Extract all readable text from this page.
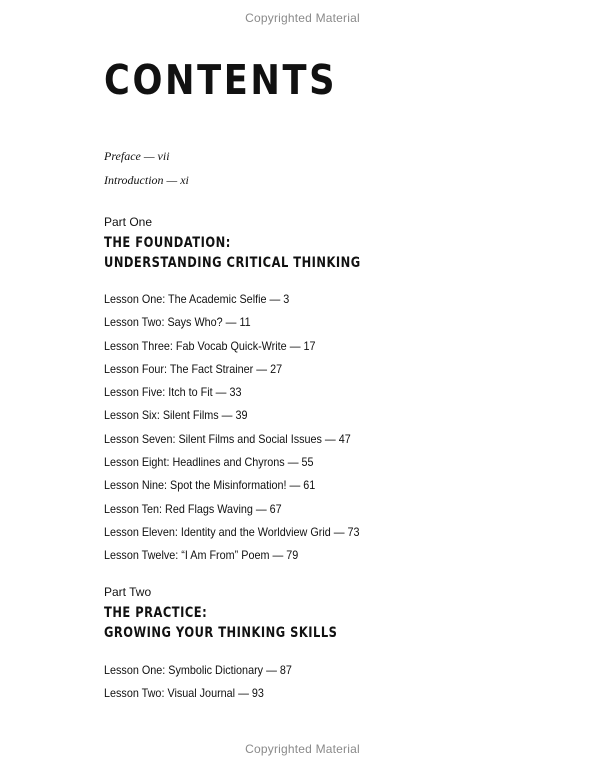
Copyrighted Material
CONTENTS
Preface — vii
Introduction — xi
Part One
THE FOUNDATION:
UNDERSTANDING CRITICAL THINKING
Lesson One: The Academic Selfie — 3
Lesson Two: Says Who? — 11
Lesson Three: Fab Vocab Quick-Write — 17
Lesson Four: The Fact Strainer — 27
Lesson Five: Itch to Fit — 33
Lesson Six: Silent Films — 39
Lesson Seven: Silent Films and Social Issues — 47
Lesson Eight: Headlines and Chyrons — 55
Lesson Nine: Spot the Misinformation! — 61
Lesson Ten: Red Flags Waving — 67
Lesson Eleven: Identity and the Worldview Grid — 73
Lesson Twelve: “I Am From” Poem — 79
Part Two
THE PRACTICE:
GROWING YOUR THINKING SKILLS
Lesson One: Symbolic Dictionary — 87
Lesson Two: Visual Journal — 93
Copyrighted Material
